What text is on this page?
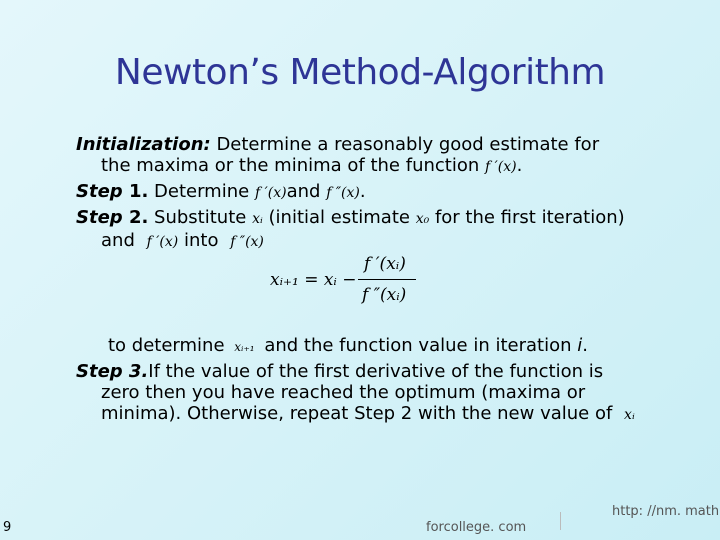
Newton’s Method-Algorithm
Initialization: Determine a reasonably good estimate for
the maxima or the minima of the function f ′(x).
Step 1. Determine f ′(x)and f ″(x).
Step 2. Substitute xᵢ (initial estimate x₀ for the first iteration)
and f ′(x) into f ″(x)
xᵢ₊₁ = xᵢ −
f ′(xᵢ)
f ″(xᵢ)
to determine xᵢ₊₁ and the function value in iteration i.
Step 3.If the value of the first derivative of the function is
zero then you have reached the optimum (maxima or
minima). Otherwise, repeat Step 2 with the new value of xᵢ
9
http: //nm. math
forcollege. com
